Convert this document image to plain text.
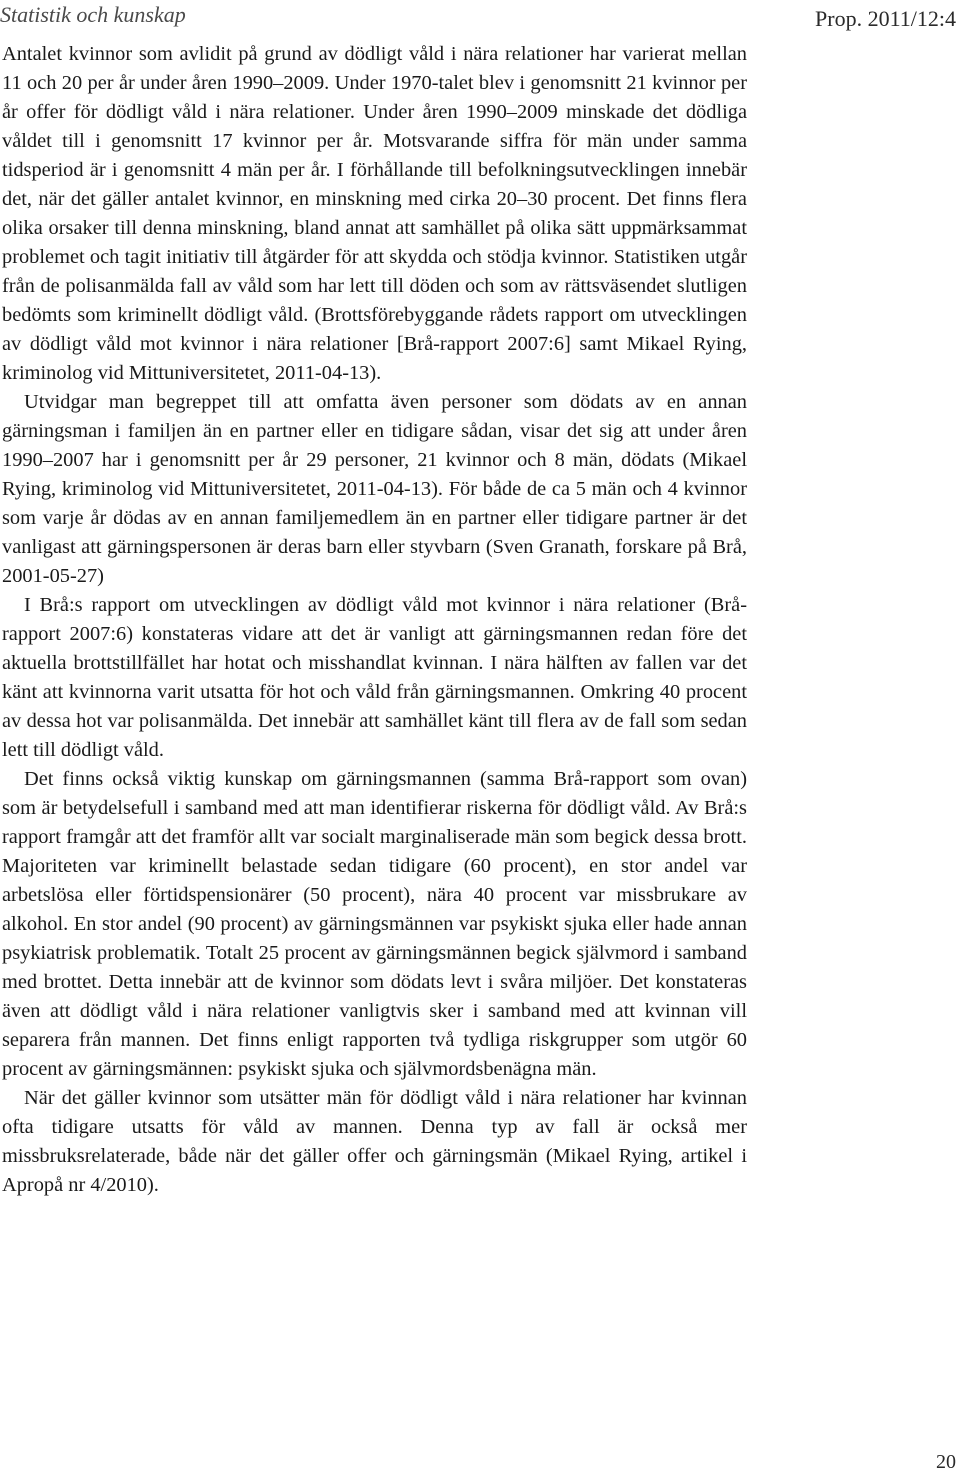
Statistik och kunskap	Prop. 2011/12:4

Antalet kvinnor som avlidit på grund av dödligt våld i nära relationer har varierat mellan 11 och 20 per år under åren 1990–2009. Under 1970-talet blev i genomsnitt 21 kvinnor per år offer för dödligt våld i nära relationer. Under åren 1990–2009 minskade det dödliga våldet till i genomsnitt 17 kvinnor per år. Motsvarande siffra för män under samma tidsperiod är i genomsnitt 4 män per år. I förhållande till befolkningsutvecklingen innebär det, när det gäller antalet kvinnor, en minskning med cirka 20–30 procent. Det finns flera olika orsaker till denna minskning, bland annat att samhället på olika sätt uppmärksammat problemet och tagit initiativ till åtgärder för att skydda och stödja kvinnor. Statistiken utgår från de polisanmälda fall av våld som har lett till döden och som av rättsväsendet slutligen bedömts som kriminellt dödligt våld. (Brottsförebyggande rådets rapport om utvecklingen av dödligt våld mot kvinnor i nära relationer [Brå-rapport 2007:6] samt Mikael Rying, kriminolog vid Mittuniversitetet, 2011-04-13).

Utvidgar man begreppet till att omfatta även personer som dödats av en annan gärningsman i familjen än en partner eller en tidigare sådan, visar det sig att under åren 1990–2007 har i genomsnitt per år 29 personer, 21 kvinnor och 8 män, dödats (Mikael Rying, kriminolog vid Mittuniversitetet, 2011-04-13). För både de ca 5 män och 4 kvinnor som varje år dödas av en annan familjemedlem än en partner eller tidigare partner är det vanligast att gärningspersonen är deras barn eller styvbarn (Sven Granath, forskare på Brå, 2001-05-27)

I Brå:s rapport om utvecklingen av dödligt våld mot kvinnor i nära relationer (Brå-rapport 2007:6) konstateras vidare att det är vanligt att gärningsmannen redan före det aktuella brottstillfället har hotat och misshandlat kvinnan. I nära hälften av fallen var det känt att kvinnorna varit utsatta för hot och våld från gärningsmannen. Omkring 40 procent av dessa hot var polisanmälda. Det innebär att samhället känt till flera av de fall som sedan lett till dödligt våld.

Det finns också viktig kunskap om gärningsmannen (samma Brå-rapport som ovan) som är betydelsefull i samband med att man identifierar riskerna för dödligt våld. Av Brå:s rapport framgår att det framför allt var socialt marginaliserade män som begick dessa brott. Majoriteten var kriminellt belastade sedan tidigare (60 procent), en stor andel var arbetslösa eller förtidspensionärer (50 procent), nära 40 procent var missbrukare av alkohol. En stor andel (90 procent) av gärningsmännen var psykiskt sjuka eller hade annan psykiatrisk problematik. Totalt 25 procent av gärningsmännen begick självmord i samband med brottet. Detta innebär att de kvinnor som dödats levt i svåra miljöer. Det konstateras även att dödligt våld i nära relationer vanligtvis sker i samband med att kvinnan vill separera från mannen. Det finns enligt rapporten två tydliga riskgrupper som utgör 60 procent av gärningsmännen: psykiskt sjuka och självmordsbenägna män.

När det gäller kvinnor som utsätter män för dödligt våld i nära relationer har kvinnan ofta tidigare utsatts för våld av mannen. Denna typ av fall är också mer missbruksrelaterade, både när det gäller offer och gärningsmän (Mikael Rying, artikel i Apropå nr 4/2010).

20
